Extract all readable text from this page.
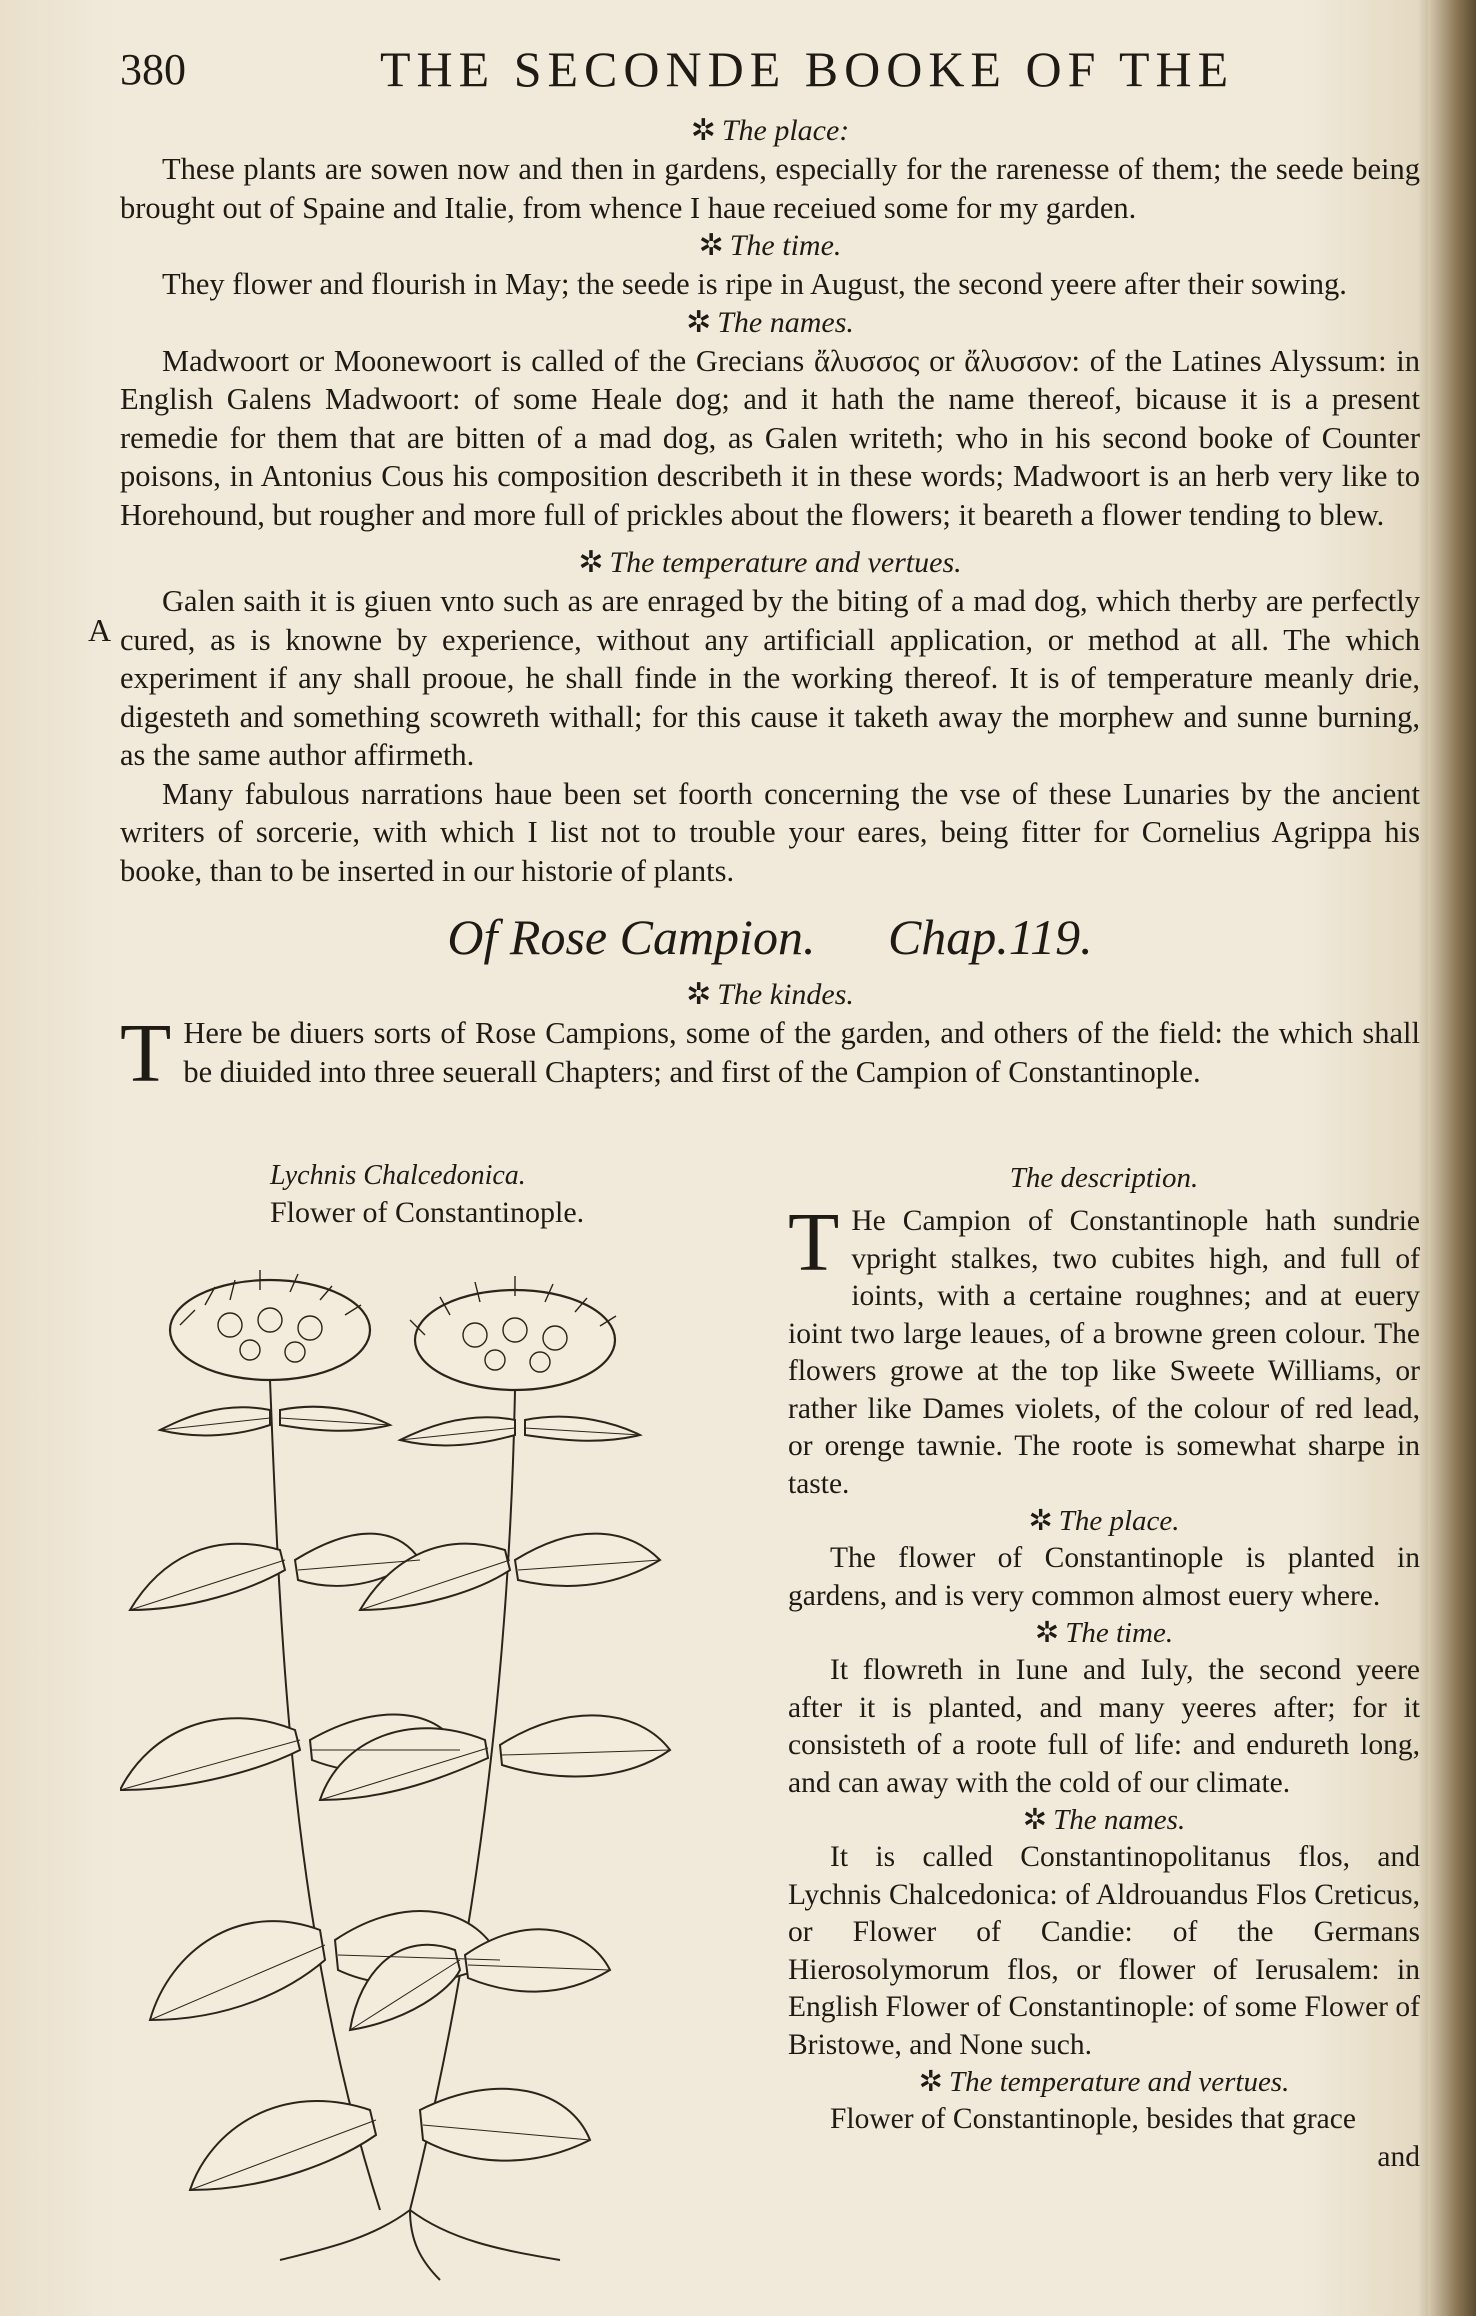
380	THE SECONDE BOOKE OF THE
✲ The place:

These plants are sowen now and then in gardens, especially for the rarenesse of them; the seede being brought out of Spaine and Italie, from whence I haue receiued some for my garden.

✲ The time.

They flower and flourish in May; the seede is ripe in August, the second yeere after their sowing.

✲ The names.

Madwoort or Moonewoort is called of the Grecians ἄλυσσος or ἄλυσσον: of the Latines Alyssum: in English Galens Madwoort: of some Heale dog; and it hath the name thereof, bicause it is a present remedie for them that are bitten of a mad dog, as Galen writeth; who in his second booke of Counter poisons, in Antonius Cous his composition describeth it in these words; Madwoort is an herb very like to Horehound, but rougher and more full of prickles about the flowers; it beareth a flower tending to blew.

✲ The temperature and vertues.

Galen saith it is giuen vnto such as are enraged by the biting of a mad dog, which therby are perfectly cured, as is knowne by experience, without any artificiall application, or method at all. The which experiment if any shall prooue, he shall finde in the working thereof. It is of temperature meanly drie, digesteth and something scowreth withall; for this cause it taketh away the morphew and sunne burning, as the same author affirmeth.

Many fabulous narrations haue been set foorth concerning the vse of these Lunaries by the ancient writers of sorcerie, with which I list not to trouble your eares, being fitter for Cornelius Agrippa his booke, than to be inserted in our historie of plants.

Of Rose Campion. Chap.119.
✲ The kindes.

T Here be diuers sorts of Rose Campions, some of the garden, and others of the field: the which shall be diuided into three seuerall Chapters; and first of the Campion of Constantinople.

A
Lychnis Chalcedonica.
Flower of Constantinople.
The description.

T He Campion of Constantinople hath sundrie vpright stalkes, two cubites high, and full of ioints, with a certaine roughnes; and at euery ioint two large leaues, of a browne green colour. The flowers growe at the top like Sweete Williams, or rather like Dames violets, of the colour of red lead, or orenge tawnie. The roote is somewhat sharpe in taste.

✲ The place.

The flower of Constantinople is planted in gardens, and is very common almost euery where.

✲ The time.

It flowreth in Iune and Iuly, the second yeere after it is planted, and many yeeres after; for it consisteth of a roote full of life: and endureth long, and can away with the cold of our climate.

✲ The names.

It is called Constantinopolitanus flos, and Lychnis Chalcedonica: of Aldrouandus Flos Creticus, or Flower of Candie: of the Germans Hierosolymorum flos, or flower of Ierusalem: in English Flower of Constantinople: of some Flower of Bristowe, and None such.

✲ The temperature and vertues.

Flower of Constantinople, besides that grace

and
